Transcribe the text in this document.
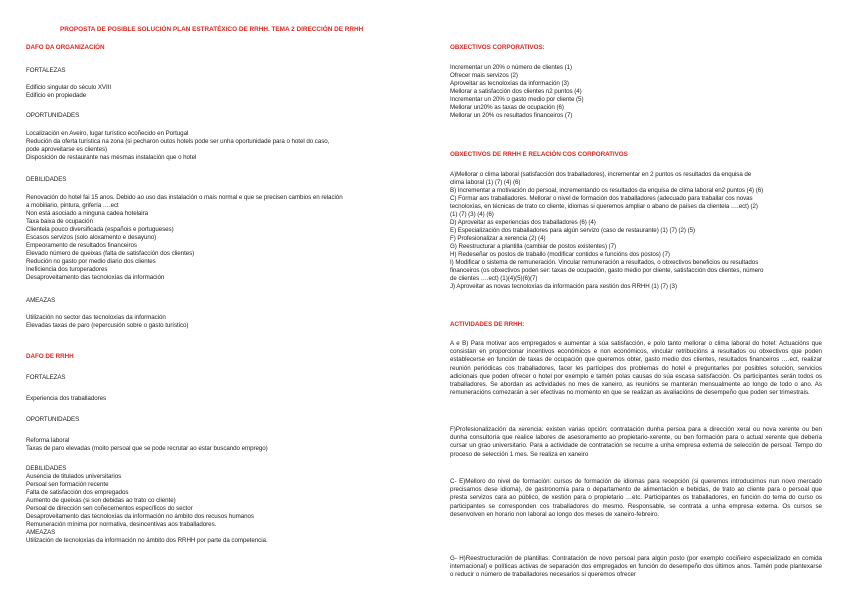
PROPOSTA DE POSIBLE SOLUCIÓN PLAN ESTRATÉXICO DE RRHH. TEMA 2 DIRECCIÓN DE RRHH
DAFO DA ORGANIZACIÓN
FORTALEZAS
Edificio singular do século XVIII
Edificio en propiedade
OPORTUNIDADES
Localización en Aveiro, lugar turístico ecoñecido en Portugal
Redución da oferta turística na zona (si pecharon outos hotels pode ser unha oportunidade para o hotel do caso,
pode aproveitarse es clientes)
Disposición de restaurante nas mesmas instalación que o hotel
DEBILIDADES
Renovación do hotel fai 15 anos. Debido ao uso das instalación o mais normal e que se precisen cambios en relación
a mobiliario, pintura, grifería ….ect
Non está asociado a ninguna cadea hotelaira
Taxa baixa de ocupación
Clientela pouco diversificada (españois e portugueses)
Escasos servizos (solo aloxamento e desayuno)
Empeoramento de resultados financeiros
Elevado número de queixas (falta de satisfacción dos clientes)
Redución no gasto por medio diario dos clientes
Ineficiencia dos turoperadores
Desaproveitamento das tecnoloxías da información
AMEAZAS
Utilización no sector das tecnoloxías da información
Elevadas taxas de paro (repercusión sobre o gasto turístico)
DAFO DE RRHH
FORTALEZAS
Experiencia dos traballadores
OPORTUNIDADES
Reforma laboral
Taxas de paro elevadas (moito persoal que se pode recrutar ao estar buscando emprego)
DEBILIDADES
Ausencia de titulados universitarios
Persoal sen formación recente
Falta de satisfacción dos empregados
Aumento de queixas (si son debidas ao trato co cliente)
Persoal de dirección sen coñecementos específicos do sector
Desaproveitamento das tecnoloxías da información no ámbito dos recusos humanos
Remuneración mínima por normativa, desincentivas aos traballadores.
AMEAZAS
Utilización de tecnoloxías da información no ámbito dos RRHH por parte da competencia.
OBXECTIVOS CORPORATIVOS:
Incrementar un 20% o número de clientes (1)
Ofrecer mais servizos (2)
Aproveitar as tecnoloxías da información (3)
Mellorar a satisfacción dos clientes n2 puntos (4)
Incrementar un 20% o gasto medio por cliente (5)
Mellorar un20% as taxas de ocupación (6)
Mellorar un 20% os resultados financeiros (7)
OBXECTIVOS DE RRHH E RELACIÓN COS CORPORATIVOS
A)Mellorar o clima laboral (satisfacción dos traballadores), incrementar en 2 puntos os resultados da enquisa de
clima laboral (1) (7) (4) (6)
B) Incrementar a motivación do persoal, incrementando os resultados da enquisa de clima laboral en2 puntos (4) (6)
C) Formar aos traballadores. Mellorar o nivel de formación dos traballadores (adecuado para traballar cos novas
tecnoloxías, en técnicas de trato co cliente, idiomas si queremos ampliar o abano de países da clientela ….ect) (2)
(1) (7) (3) (4) (6)
D) Aproveitar as experiencias dos traballadores (6) (4)
E) Especialización dos traballadores para algún servizo (caso de restaurante) (1) (7) (2) (5)
F) Profesionalizar a xerencia (2) (4)
G) Reestructurar a plantilla (cambiar de postos existentes) (7)
H) Redeseñar os postos de traballo (modificar contidos e funcións dos postos) (7)
I) Modificar o sistema de remuneración. Vincular remuneración a resultados, o obxectivos beneficios ou resultados
financeiros (os obxectivos poden ser: taxas de ocupación, gasto medio por cliente, satisfacción dos clientes, número
de clientes ….ect) (1)(4)(5)(6)(7)
J) Aproveitar as novas tecnoloxías da información para xestión dos RRHH (1) (7) (3)
ACTIVIDADES DE RRHH:
A e B) Para motivar aos empregados e aumentar a súa satisfacción, e polo tanto mellorar o clima laboral do hotel: Actuacións que consistan en proporcionar incentivos económicos e non económicos, vincular retribucións a resultados ou obxectivos que poden establecerse en función de taxas de ocupación que queremos obter, gasto medio dos clientes, resultados financeiros ….ect, realizar reunión periódicas cos traballadores, facer les partícipes dos problemas do hotel e preguntarles por posibles solución, servicios adicionais que poden ofrecer o hotel por exemplo e tamén polas causas do súa escasa satisfacción. Os participantes serán todos os traballadores. Se abordan as actividades no mes de xaneiro, as reunións se manterán mensualmente ao longo de todo o ano. As remuneracións comezarán a ser efectivas no momento en que se realizan as avaliacións de desempeño que poden ser trimestrais.
F)Profesionalización da xerencia: existen varias opción: contratación dunha persoa para a dirección xeral ou nova xerente ou ben dunha consultoría que realice labores de asesoramento ao propietario-xerente, ou ben formación para o actual xerente que debería cursar un grao universitario. Para a actividade de contratación se recurre a unha empresa externa de selección de persoal. Tempo do proceso de selección 1 mes. Se realiza en xaneiro
C- E)Melloro do nivel de formación: cursos de formación de idiomas para recepción (si queremos introducirnos nun novo mercado precisamos dese idioma), de gastronomía para o departamento de alimentación e bebidas, de trato ao cliente para o persoal que presta servizos cara ao público, de xestión para o propietario …etc. Participantes os traballadores, en función do tema do curso os participantes se corresponden cos traballadores do mesmo. Responsable, se contrata a unha empresa externa. Os cursos se desenvolven en horario non laboral ao longo dos meses de xaneiro-febreiro.
G- H)Reestructuración de plantillas: Contratación de novo persoal para algún posto (por exemplo cociñeiro especializado en comida internacional) e políticas activas de separación dos empregados en función do desempeño dos últimos anos. Tamén pode plantexarse o reducir o número de traballadores necesarios si queremos ofrecer
